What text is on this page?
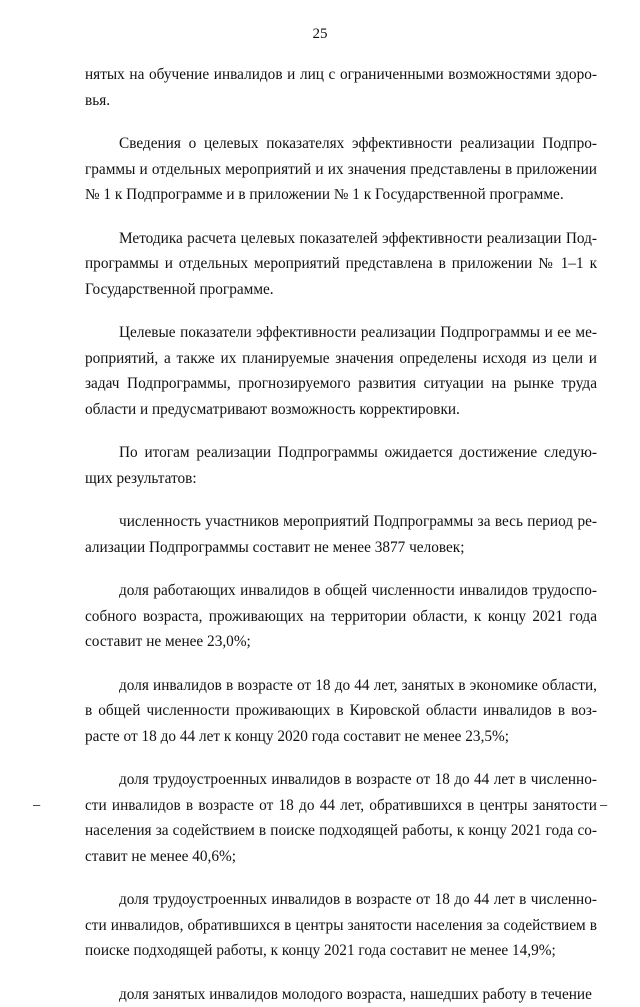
25

нятых на обучение инвалидов и лиц с ограниченными возможностями здоровья.

Сведения о целевых показателях эффективности реализации Подпрограммы и отдельных мероприятий и их значения представлены в приложении № 1 к Подпрограмме и в приложении № 1 к Государственной программе.

Методика расчета целевых показателей эффективности реализации Подпрограммы и отдельных мероприятий представлена в приложении № 1–1 к Государственной программе.

Целевые показатели эффективности реализации Подпрограммы и ее мероприятий, а также их планируемые значения определены исходя из цели и задач Подпрограммы, прогнозируемого развития ситуации на рынке труда области и предусматривают возможность корректировки.

По итогам реализации Подпрограммы ожидается достижение следующих результатов:

численность участников мероприятий Подпрограммы за весь период реализации Подпрограммы составит не менее 3877 человек;

доля работающих инвалидов в общей численности инвалидов трудоспособного возраста, проживающих на территории области, к концу 2021 года составит не менее 23,0%;

доля инвалидов в возрасте от 18 до 44 лет, занятых в экономике области, в общей численности проживающих в Кировской области инвалидов в возрасте от 18 до 44 лет к концу 2020 года составит не менее 23,5%;

доля трудоустроенных инвалидов в возрасте от 18 до 44 лет в численности инвалидов в возрасте от 18 до 44 лет, обратившихся в центры занятости населения за содействием в поиске подходящей работы, к концу 2021 года составит не менее 40,6%;

доля трудоустроенных инвалидов в возрасте от 18 до 44 лет в численности инвалидов, обратившихся в центры занятости населения за содействием в поиске подходящей работы, к концу 2021 года составит не менее 14,9%;

доля занятых инвалидов молодого возраста, нашедших работу в течение

–	–
